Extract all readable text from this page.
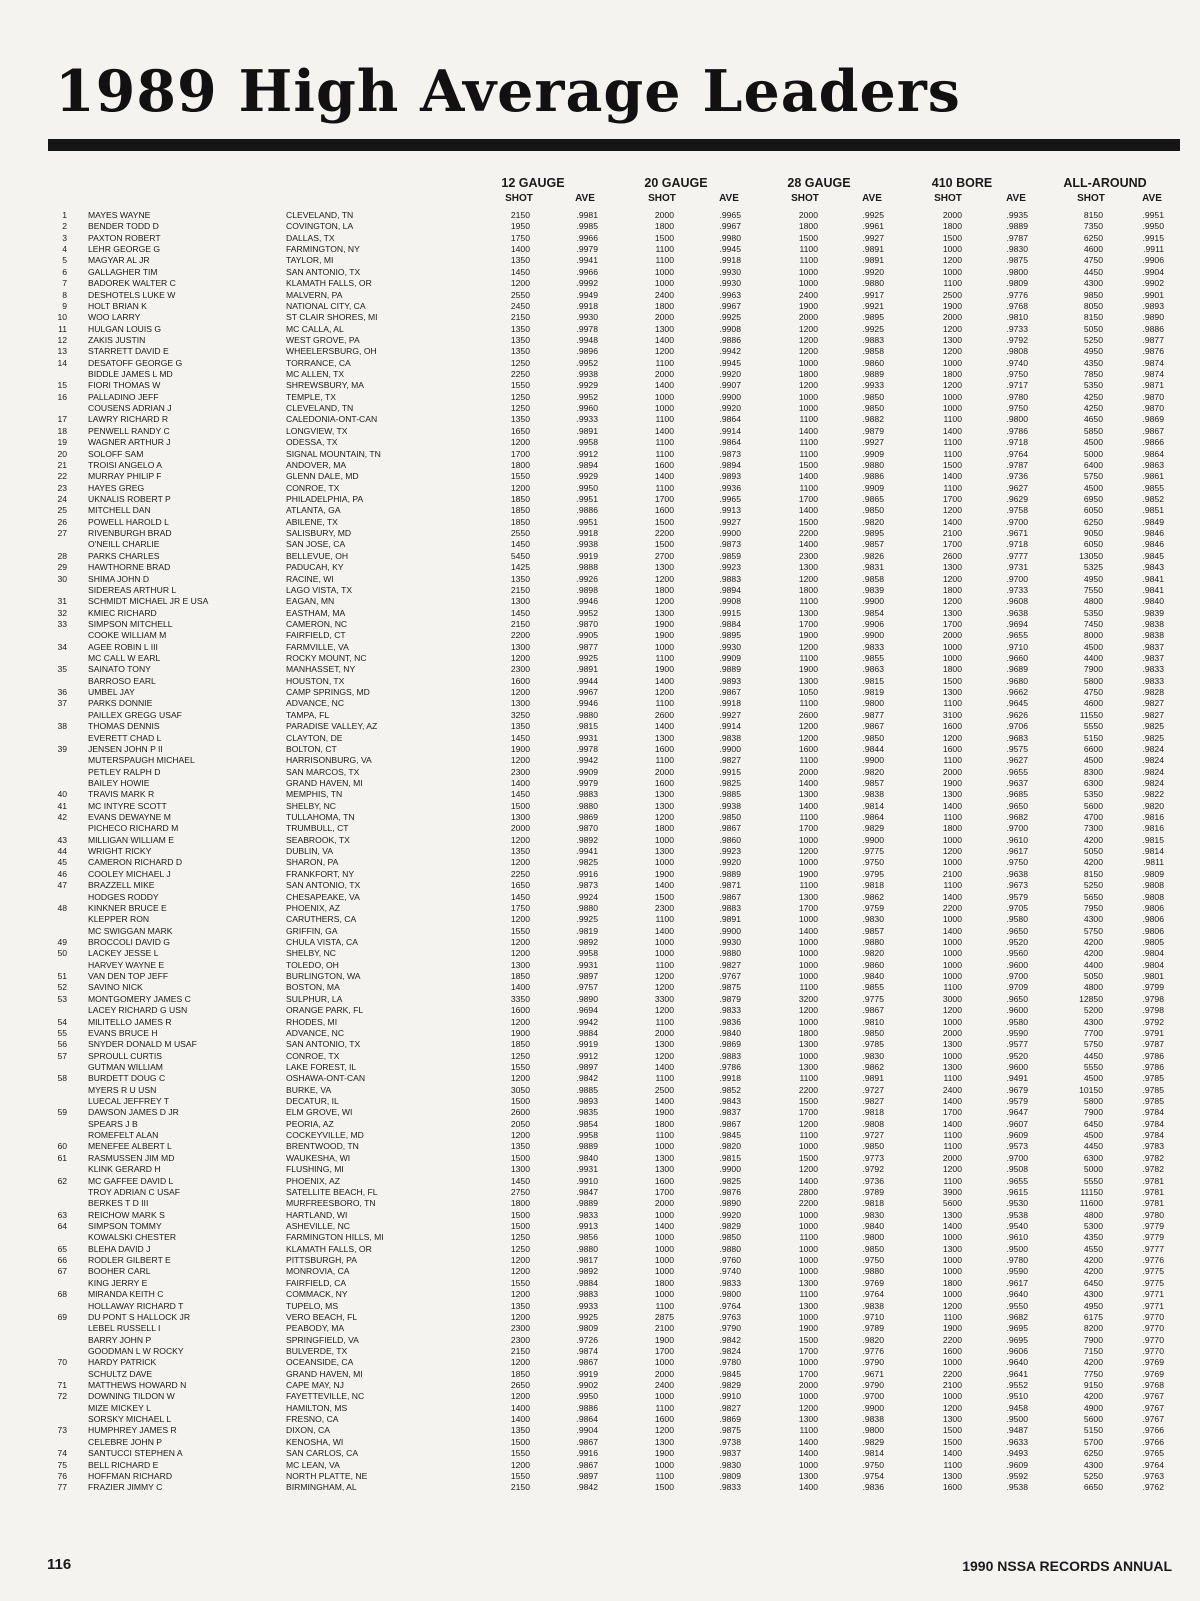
1989 High Average Leaders
12 GAUGE
SHOT	AVE
20 GAUGE
SHOT	AVE
28 GAUGE
SHOT	AVE
410 BORE
SHOT	AVE
ALL-AROUND
SHOT	AVE
1 MAYES WAYNE	CLEVELAND, TN	2150	.9981	2000	.9965	2000	.9925	2000	.9935	8150	.9951
2 BENDER TODD D	COVINGTON, LA	1950	.9985	1800	.9967	1800	.9961	1800	.9889	7350	.9950
3 PAXTON ROBERT	DALLAS, TX	1750	.9966	1500	.9980	1500	.9927	1500	.9787	6250	.9915
4 LEHR GEORGE G	FARMINGTON, NY	1400	.9979	1100	.9945	1100	.9891	1000	.9830	4600	.9911
5 MAGYAR AL JR	TAYLOR, MI	1350	.9941	1100	.9918	1100	.9891	1200	.9875	4750	.9906
6 GALLAGHER TIM	SAN ANTONIO, TX	1450	.9966	1000	.9930	1000	.9920	1000	.9800	4450	.9904
7 BADOREK WALTER C	KLAMATH FALLS, OR	1200	.9992	1000	.9930	1000	.9880	1100	.9809	4300	.9902
8 DESHOTELS LUKE W	MALVERN, PA	2550	.9949	2400	.9963	2400	.9917	2500	.9776	9850	.9901
9 HOLT BRIAN K	NATIONAL CITY, CA	2450	.9918	1800	.9967	1900	.9921	1900	.9768	8050	.9893
10 WOO LARRY	ST CLAIR SHORES, MI	2150	.9930	2000	.9925	2000	.9895	2000	.9810	8150	.9890
11 HULGAN LOUIS G	MC CALLA, AL	1350	.9978	1300	.9908	1200	.9925	1200	.9733	5050	.9886
12 ZAKIS JUSTIN	WEST GROVE, PA	1350	.9948	1400	.9886	1200	.9883	1300	.9792	5250	.9877
13 STARRETT DAVID E	WHEELERSBURG, OH	1350	.9896	1200	.9942	1200	.9858	1200	.9808	4950	.9876
14 DESATOFF GEORGE G	TORRANCE, CA	1250	.9952	1100	.9945	1000	.9860	1000	.9740	4350	.9874
BIDDLE JAMES L MD	MC ALLEN, TX	2250	.9938	2000	.9920	1800	.9889	1800	.9750	7850	.9874
15 FIORI THOMAS W	SHREWSBURY, MA	1550	.9929	1400	.9907	1200	.9933	1200	.9717	5350	.9871
16 PALLADINO JEFF	TEMPLE, TX	1250	.9952	1000	.9900	1000	.9850	1000	.9780	4250	.9870
COUSENS ADRIAN J	CLEVELAND, TN	1250	.9960	1000	.9920	1000	.9850	1000	.9750	4250	.9870
17 LAWRY RICHARD R	CALEDONIA-ONT-CAN	1350	.9933	1100	.9864	1100	.9882	1100	.9800	4650	.9869
18 PENWELL RANDY C	LONGVIEW, TX	1650	.9891	1400	.9914	1400	.9879	1400	.9786	5850	.9867
19 WAGNER ARTHUR J	ODESSA, TX	1200	.9958	1100	.9864	1100	.9927	1100	.9718	4500	.9866
20 SOLOFF SAM	SIGNAL MOUNTAIN, TN	1700	.9912	1100	.9873	1100	.9909	1100	.9764	5000	.9864
21 TROISI ANGELO A	ANDOVER, MA	1800	.9894	1600	.9894	1500	.9880	1500	.9787	6400	.9863
22 MURRAY PHILIP F	GLENN DALE, MD	1550	.9929	1400	.9893	1400	.9886	1400	.9736	5750	.9861
23 HAYES GREG	CONROE, TX	1200	.9950	1100	.9936	1100	.9909	1100	.9627	4500	.9855
24 UKNALIS ROBERT P	PHILADELPHIA, PA	1850	.9951	1700	.9965	1700	.9865	1700	.9629	6950	.9852
25 MITCHELL DAN	ATLANTA, GA	1850	.9886	1600	.9913	1400	.9850	1200	.9758	6050	.9851
26 POWELL HAROLD L	ABILENE, TX	1850	.9951	1500	.9927	1500	.9820	1400	.9700	6250	.9849
27 RIVENBURGH BRAD	SALISBURY, MD	2550	.9918	2200	.9900	2200	.9895	2100	.9671	9050	.9846
O'NEILL CHARLIE	SAN JOSE, CA	1450	.9938	1500	.9873	1400	.9857	1700	.9718	6050	.9846
28 PARKS CHARLES	BELLEVUE, OH	5450	.9919	2700	.9859	2300	.9826	2600	.9777	13050	.9845
29 HAWTHORNE BRAD	PADUCAH, KY	1425	.9888	1300	.9923	1300	.9831	1300	.9731	5325	.9843
30 SHIMA JOHN D	RACINE, WI	1350	.9926	1200	.9883	1200	.9858	1200	.9700	4950	.9841
SIDEREAS ARTHUR L	LAGO VISTA, TX	2150	.9898	1800	.9894	1800	.9839	1800	.9733	7550	.9841
31 SCHMIDT MICHAEL JR E USA	EAGAN, MN	1300	.9946	1200	.9908	1100	.9900	1200	.9608	4800	.9840
32 KMIEC RICHARD	EASTHAM, MA	1450	.9952	1300	.9915	1300	.9854	1300	.9638	5350	.9839
33 SIMPSON MITCHELL	CAMERON, NC	2150	.9870	1900	.9884	1700	.9906	1700	.9694	7450	.9838
COOKE WILLIAM M	FAIRFIELD, CT	2200	.9905	1900	.9895	1900	.9900	2000	.9655	8000	.9838
34 AGEE ROBIN L III	FARMVILLE, VA	1300	.9877	1000	.9930	1200	.9833	1000	.9710	4500	.9837
MC CALL W EARL	ROCKY MOUNT, NC	1200	.9925	1100	.9909	1100	.9855	1000	.9660	4400	.9837
35 SAINATO TONY	MANHASSET, NY	2300	.9891	1900	.9889	1900	.9863	1800	.9689	7900	.9833
BARROSO EARL	HOUSTON, TX	1600	.9944	1400	.9893	1300	.9815	1500	.9680	5800	.9833
36 UMBEL JAY	CAMP SPRINGS, MD	1200	.9967	1200	.9867	1050	.9819	1300	.9662	4750	.9828
37 PARKS DONNIE	ADVANCE, NC	1300	.9946	1100	.9918	1100	.9800	1100	.9645	4600	.9827
PAILLEX GREGG USAF	TAMPA, FL	3250	.9880	2600	.9927	2600	.9877	3100	.9626	11550	.9827
38 THOMAS DENNIS	PARADISE VALLEY, AZ	1350	.9815	1400	.9914	1200	.9867	1600	.9706	5550	.9825
EVERETT CHAD L	CLAYTON, DE	1450	.9931	1300	.9838	1200	.9850	1200	.9683	5150	.9825
39 JENSEN JOHN P II	BOLTON, CT	1900	.9978	1600	.9900	1600	.9844	1600	.9575	6600	.9824
MUTERSPAUGH MICHAEL	HARRISONBURG, VA	1200	.9942	1100	.9827	1100	.9900	1100	.9627	4500	.9824
PETLEY RALPH D	SAN MARCOS, TX	2300	.9909	2000	.9915	2000	.9820	2000	.9655	8300	.9824
BAILEY HOWIE	GRAND HAVEN, MI	1400	.9979	1600	.9825	1400	.9857	1900	.9637	6300	.9824
40 TRAVIS MARK R	MEMPHIS, TN	1450	.9883	1300	.9885	1300	.9838	1300	.9685	5350	.9822
41 MC INTYRE SCOTT	SHELBY, NC	1500	.9880	1300	.9938	1400	.9814	1400	.9650	5600	.9820
42 EVANS DEWAYNE M	TULLAHOMA, TN	1300	.9869	1200	.9850	1100	.9864	1100	.9682	4700	.9816
PICHECO RICHARD M	TRUMBULL, CT	2000	.9870	1800	.9867	1700	.9829	1800	.9700	7300	.9816
43 MILLIGAN WILLIAM E	SEABROOK, TX	1200	.9892	1000	.9860	1000	.9900	1000	.9610	4200	.9815
44 WRIGHT RICKY	DUBLIN, VA	1350	.9941	1300	.9923	1200	.9775	1200	.9617	5050	.9814
45 CAMERON RICHARD D	SHARON, PA	1200	.9825	1000	.9920	1000	.9750	1000	.9750	4200	.9811
46 COOLEY MICHAEL J	FRANKFORT, NY	2250	.9916	1900	.9889	1900	.9795	2100	.9638	8150	.9809
47 BRAZZELL MIKE	SAN ANTONIO, TX	1650	.9873	1400	.9871	1100	.9818	1100	.9673	5250	.9808
HODGES RODDY	CHESAPEAKE, VA	1450	.9924	1500	.9867	1300	.9862	1400	.9579	5650	.9808
48 KINKNER BRUCE E	PHOENIX, AZ	1750	.9880	2300	.9883	1700	.9759	2200	.9705	7950	.9806
KLEPPER RON	CARUTHERS, CA	1200	.9925	1100	.9891	1000	.9830	1000	.9580	4300	.9806
MC SWIGGAN MARK	GRIFFIN, GA	1550	.9819	1400	.9900	1400	.9857	1400	.9650	5750	.9806
49 BROCCOLI DAVID G	CHULA VISTA, CA	1200	.9892	1000	.9930	1000	.9880	1000	.9520	4200	.9805
50 LACKEY JESSE L	SHELBY, NC	1200	.9958	1000	.9880	1000	.9820	1000	.9560	4200	.9804
HARVEY WAYNE E	TOLEDO, OH	1300	.9931	1100	.9827	1000	.9860	1000	.9600	4400	.9804
51 VAN DEN TOP JEFF	BURLINGTON, WA	1850	.9897	1200	.9767	1000	.9840	1000	.9700	5050	.9801
52 SAVINO NICK	BOSTON, MA	1400	.9757	1200	.9875	1100	.9855	1100	.9709	4800	.9799
53 MONTGOMERY JAMES C	SULPHUR, LA	3350	.9890	3300	.9879	3200	.9775	3000	.9650	12850	.9798
LACEY RICHARD G USN	ORANGE PARK, FL	1600	.9694	1200	.9833	1200	.9867	1200	.9600	5200	.9798
54 MILITELLO JAMES R	RHODES, MI	1200	.9942	1100	.9836	1000	.9810	1000	.9580	4300	.9792
55 EVANS BRUCE H	ADVANCE, NC	1900	.9884	2000	.9840	1800	.9850	2000	.9590	7700	.9791
56 SNYDER DONALD M USAF	SAN ANTONIO, TX	1850	.9919	1300	.9869	1300	.9785	1300	.9577	5750	.9787
57 SPROULL CURTIS	CONROE, TX	1250	.9912	1200	.9883	1000	.9830	1000	.9520	4450	.9786
GUTMAN WILLIAM	LAKE FOREST, IL	1550	.9897	1400	.9786	1300	.9862	1300	.9600	5550	.9786
58 BURDETT DOUG C	OSHAWA-ONT-CAN	1200	.9842	1100	.9918	1100	.9891	1100	.9491	4500	.9785
MYERS R U USN	BURKE, VA	3050	.9885	2500	.9852	2200	.9727	2400	.9679	10150	.9785
LUECAL JEFFREY T	DECATUR, IL	1500	.9893	1400	.9843	1500	.9827	1400	.9579	5800	.9785
59 DAWSON JAMES D JR	ELM GROVE, WI	2600	.9835	1900	.9837	1700	.9818	1700	.9647	7900	.9784
SPEARS J B	PEORIA, AZ	2050	.9854	1800	.9867	1200	.9808	1400	.9607	6450	.9784
ROMEFELT ALAN	COCKEYVILLE, MD	1200	.9958	1100	.9845	1100	.9727	1100	.9609	4500	.9784
60 MENEFEE ALBERT L	BRENTWOOD, TN	1350	.9889	1000	.9820	1000	.9850	1100	.9573	4450	.9783
61 RASMUSSEN JIM MD	WAUKESHA, WI	1500	.9840	1300	.9815	1500	.9773	2000	.9700	6300	.9782
KLINK GERARD H	FLUSHING, MI	1300	.9931	1300	.9900	1200	.9792	1200	.9508	5000	.9782
62 MC GAFFEE DAVID L	PHOENIX, AZ	1450	.9910	1600	.9825	1400	.9736	1100	.9655	5550	.9781
TROY ADRIAN C USAF	SATELLITE BEACH, FL	2750	.9847	1700	.9876	2800	.9789	3900	.9615	11150	.9781
BERKES T D III	MURFREESBORO, TN	1800	.9889	2000	.9890	2200	.9818	5600	.9530	11600	.9781
63 REICHOW MARK S	HARTLAND, WI	1500	.9833	1000	.9920	1000	.9830	1300	.9538	4800	.9780
64 SIMPSON TOMMY	ASHEVILLE, NC	1500	.9913	1400	.9829	1000	.9840	1400	.9540	5300	.9779
KOWALSKI CHESTER	FARMINGTON HILLS, MI	1250	.9856	1000	.9850	1100	.9800	1000	.9610	4350	.9779
65 BLEHA DAVID J	KLAMATH FALLS, OR	1250	.9880	1000	.9880	1000	.9850	1300	.9500	4550	.9777
66 RODLER GILBERT E	PITTSBURGH, PA	1200	.9817	1000	.9760	1000	.9750	1000	.9780	4200	.9776
67 BOOHER CARL	MONROVIA, CA	1200	.9892	1000	.9740	1000	.9880	1000	.9590	4200	.9775
KING JERRY E	FAIRFIELD, CA	1550	.9884	1800	.9833	1300	.9769	1800	.9617	6450	.9775
68 MIRANDA KEITH C	COMMACK, NY	1200	.9883	1000	.9800	1100	.9764	1000	.9640	4300	.9771
HOLLAWAY RICHARD T	TUPELO, MS	1350	.9933	1100	.9764	1300	.9838	1200	.9550	4950	.9771
69 DU PONT S HALLOCK JR	VERO BEACH, FL	1200	.9925	2875	.9763	1000	.9710	1100	.9682	6175	.9770
LEBEL RUSSELL I	PEABODY, MA	2300	.9809	2100	.9790	1900	.9789	1900	.9695	8200	.9770
BARRY JOHN P	SPRINGFIELD, VA	2300	.9726	1900	.9842	1500	.9820	2200	.9695	7900	.9770
GOODMAN L W ROCKY	BULVERDE, TX	2150	.9874	1700	.9824	1700	.9776	1600	.9606	7150	.9770
70 HARDY PATRICK	OCEANSIDE, CA	1200	.9867	1000	.9780	1000	.9790	1000	.9640	4200	.9769
SCHULTZ DAVE	GRAND HAVEN, MI	1850	.9919	2000	.9845	1700	.9671	2200	.9641	7750	.9769
71 MATTHEWS HOWARD N	CAPE MAY, NJ	2650	.9902	2400	.9829	2000	.9790	2100	.9552	9150	.9768
72 DOWNING TILDON W	FAYETTEVILLE, NC	1200	.9950	1000	.9910	1000	.9700	1000	.9510	4200	.9767
MIZE MICKEY L	HAMILTON, MS	1400	.9886	1100	.9827	1200	.9900	1200	.9458	4900	.9767
SORSKY MICHAEL L	FRESNO, CA	1400	.9864	1600	.9869	1300	.9838	1300	.9500	5600	.9767
73 HUMPHREY JAMES R	DIXON, CA	1350	.9904	1200	.9875	1100	.9800	1500	.9487	5150	.9766
CELEBRE JOHN P	KENOSHA, WI	1500	.9867	1300	.9738	1400	.9829	1500	.9633	5700	.9766
74 SANTUCCI STEPHEN A	SAN CARLOS, CA	1550	.9916	1900	.9837	1400	.9814	1400	.9493	6250	.9765
75 BELL RICHARD E	MC LEAN, VA	1200	.9867	1000	.9830	1000	.9750	1100	.9609	4300	.9764
76 HOFFMAN RICHARD	NORTH PLATTE, NE	1550	.9897	1100	.9809	1300	.9754	1300	.9592	5250	.9763
77 FRAZIER JIMMY C	BIRMINGHAM, AL	2150	.9842	1500	.9833	1400	.9836	1600	.9538	6650	.9762
116	1990 NSSA RECORDS ANNUAL
